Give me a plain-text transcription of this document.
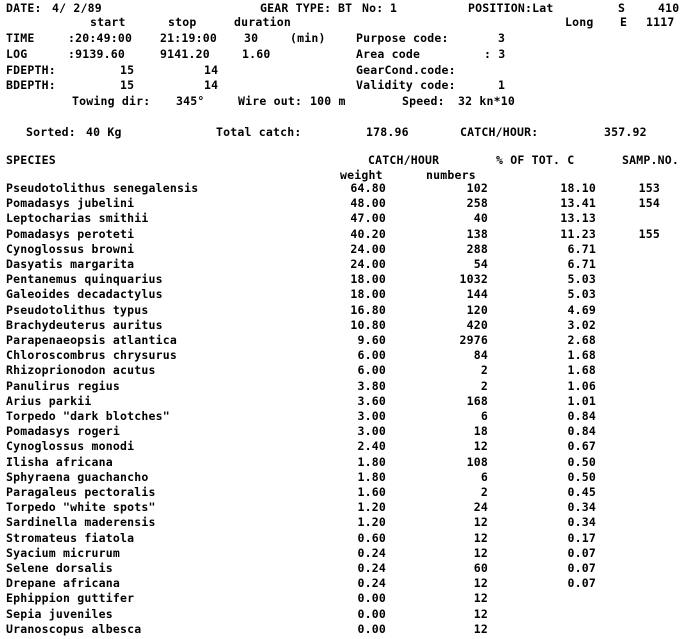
DATE: 4/ 2/89	GEAR TYPE: BT No: 1	POSITION:Lat	S	410
start	stop	duration	Long E 1117
TIME	:20:49:00 21:19:00 30	(min)	Purpose code:	3
LOG	:9139.60	9141.20	1.60	Area code	: 3
FDEPTH:	15	14	GearCond.code:
BDEPTH:	15	14	Validity code:	1
Towing dir: 345°	Wire out: 100 m	Speed: 32 kn*10
Sorted: 40 Kg	Total catch:	178.96	CATCH/HOUR:	357.92
SPECIES	CATCH/HOUR	% OF TOT. C	SAMP.NO.
weight	numbers
Pseudotolithus senegalensis	64.80	102	18.10	153
Pomadasys jubelini	48.00	258	13.41	154
Leptocharias smithii	47.00	40	13.13
Pomadasys peroteti	40.20	138	11.23	155
Cynoglossus browni	24.00	288	6.71
Dasyatis margarita	24.00	54	6.71
Pentanemus quinquarius	18.00	1032	5.03
Galeoides decadactylus	18.00	144	5.03
Pseudotolithus typus	16.80	120	4.69
Brachydeuterus auritus	10.80	420	3.02
Parapenaeopsis atlantica	9.60	2976	2.68
Chloroscombrus chrysurus	6.00	84	1.68
Rhizoprionodon acutus	6.00	2	1.68
Panulirus regius	3.80	2	1.06
Arius parkii	3.60	168	1.01
Torpedo "dark blotches"	3.00	6	0.84
Pomadasys rogeri	3.00	18	0.84
Cynoglossus monodi	2.40	12	0.67
Ilisha africana	1.80	108	0.50
Sphyraena guachancho	1.80	6	0.50
Paragaleus pectoralis	1.60	2	0.45
Torpedo "white spots"	1.20	24	0.34
Sardinella maderensis	1.20	12	0.34
Stromateus fiatola	0.60	12	0.17
Syacium micrurum	0.24	12	0.07
Selene dorsalis	0.24	60	0.07
Drepane africana	0.24	12	0.07
Ephippion guttifer	0.00	12
Sepia juveniles	0.00	12
Uranoscopus albesca	0.00	12
